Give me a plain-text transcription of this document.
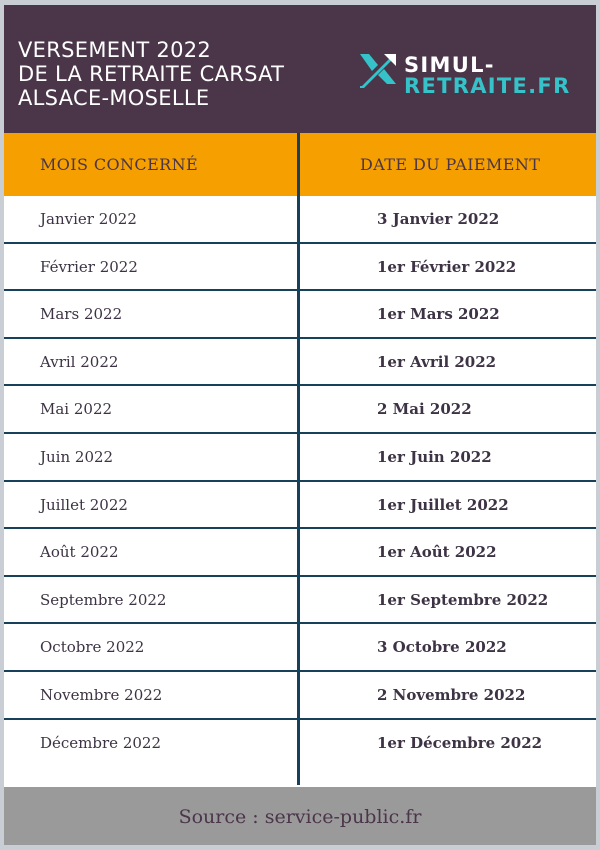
VERSEMENT 2022
DE LA RETRAITE CARSAT
ALSACE-MOSELLE
SIMUL-
RETRAITE.FR
MOIS CONCERNÉ	DATE DU PAIEMENT
Janvier 2022	3 Janvier 2022
Février 2022	1er Février 2022
Mars 2022	1er Mars 2022
Avril 2022	1er Avril 2022
Mai 2022	2 Mai 2022
Juin 2022	1er Juin 2022
Juillet 2022	1er Juillet 2022
Août 2022	1er Août 2022
Septembre 2022	1er Septembre 2022
Octobre 2022	3 Octobre 2022
Novembre 2022	2 Novembre 2022
Décembre 2022	1er Décembre 2022
Source : service-public.fr
